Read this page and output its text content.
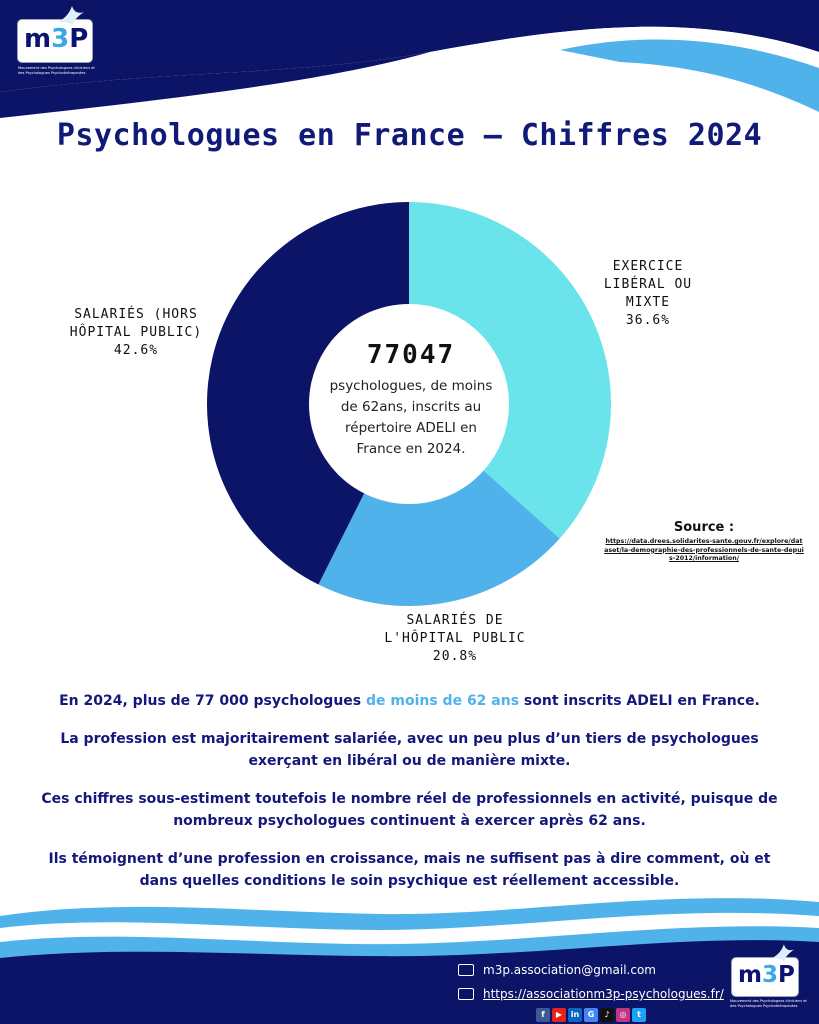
m3P
Mouvement des Psychologues cliniciens et
des Psychologues Psychothérapeutes
Psychologues en France – Chiffres 2024
EXERCICE LIBÉRAL OU MIXTE
36.6%
SALARIÉS DE L'HÔPITAL PUBLIC
20.8%
SALARIÉS (HORS HÔPITAL PUBLIC)
42.6%	77047
psychologues, de moins de 62ans, inscrits au répertoire ADELI en France en 2024.
Source :
https://data.drees.solidarites-sante.gouv.fr/explore/dataset/la-demographie-des-professionnels-de-sante-depuis-2012/information/

En 2024, plus de 77 000 psychologues de moins de 62 ans sont inscrits ADELI en France.

La profession est majoritairement salariée, avec un peu plus d’un tiers de psychologues exerçant en libéral ou de manière mixte.

Ces chiffres sous-estiment toutefois le nombre réel de professionnels en activité, puisque de nombreux psychologues continuent à exercer après 62 ans.

Ils témoignent d’une profession en croissance, mais ne suffisent pas à dire comment, où et dans quelles conditions le soin psychique est réellement accessible.

m3p.association@gmail.com
https://associationm3p-psychologues.fr/
f	▶	in	G	♪	◎	t
m3P
Mouvement des Psychologues cliniciens et
des Psychologues Psychothérapeutes
